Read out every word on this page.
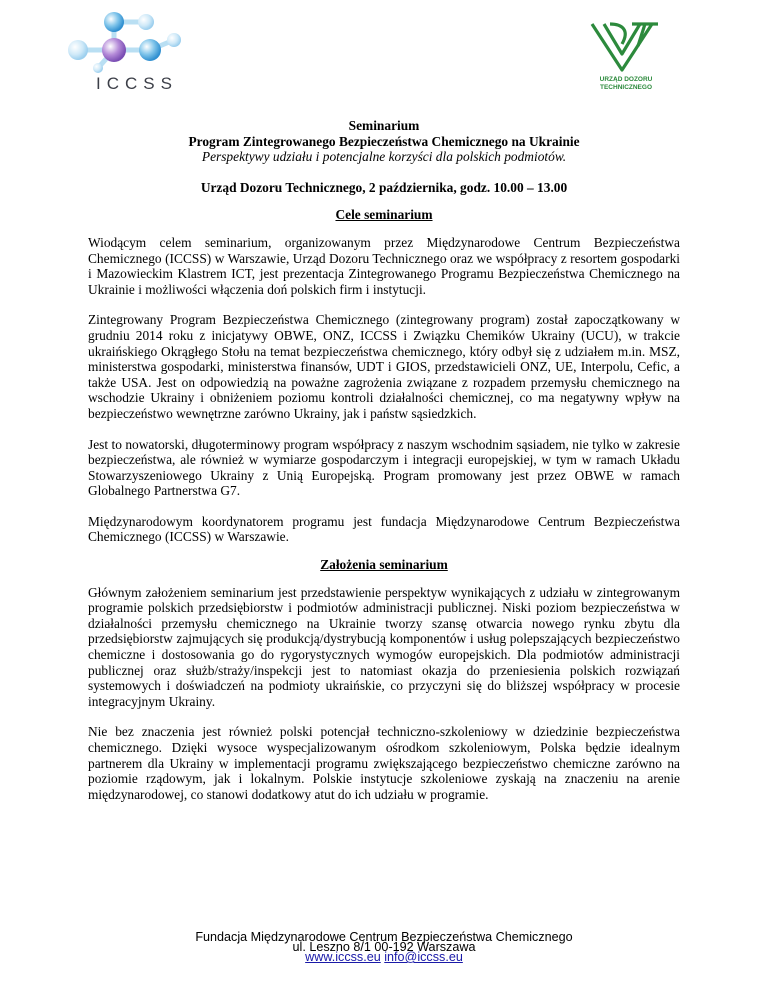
ICCSS	URZĄD DOZORU
TECHNICZNEGO
Seminarium
Program Zintegrowanego Bezpieczeństwa Chemicznego na Ukrainie
Perspektywy udziału i potencjalne korzyści dla polskich podmiotów.
Urząd Dozoru Technicznego, 2 października, godz. 10.00 – 13.00
Cele seminarium

Wiodącym celem seminarium, organizowanym przez Międzynarodowe Centrum Bezpieczeństwa Chemicznego (ICCSS) w Warszawie, Urząd Dozoru Technicznego oraz we współpracy z resortem gospodarki i Mazowieckim Klastrem ICT, jest prezentacja Zintegrowanego Programu Bezpieczeństwa Chemicznego na Ukrainie i możliwości włączenia doń polskich firm i instytucji.

Zintegrowany Program Bezpieczeństwa Chemicznego (zintegrowany program) został zapoczątkowany w grudniu 2014 roku z inicjatywy OBWE, ONZ, ICCSS i Związku Chemików Ukrainy (UCU), w trakcie ukraińskiego Okrągłego Stołu na temat bezpieczeństwa chemicznego, który odbył się z udziałem m.in. MSZ, ministerstwa gospodarki, ministerstwa finansów, UDT i GIOS, przedstawicieli ONZ, UE, Interpolu, Cefic, a także USA. Jest on odpowiedzią na poważne zagrożenia związane z rozpadem przemysłu chemicznego na wschodzie Ukrainy i obniżeniem poziomu kontroli działalności chemicznej, co ma negatywny wpływ na bezpieczeństwo wewnętrzne zarówno Ukrainy, jak i państw sąsiedzkich.

Jest to nowatorski, długoterminowy program współpracy z naszym wschodnim sąsiadem, nie tylko w zakresie bezpieczeństwa, ale również w wymiarze gospodarczym i integracji europejskiej, w tym w ramach Układu Stowarzyszeniowego Ukrainy z Unią Europejską. Program promowany jest przez OBWE w ramach Globalnego Partnerstwa G7.

Międzynarodowym koordynatorem programu jest fundacja Międzynarodowe Centrum Bezpieczeństwa Chemicznego (ICCSS) w Warszawie.

Założenia seminarium

Głównym założeniem seminarium jest przedstawienie perspektyw wynikających z udziału w zintegrowanym programie polskich przedsiębiorstw i podmiotów administracji publicznej. Niski poziom bezpieczeństwa w działalności przemysłu chemicznego na Ukrainie tworzy szansę otwarcia nowego rynku zbytu dla przedsiębiorstw zajmujących się produkcją/dystrybucją komponentów i usług polepszających bezpieczeństwo chemiczne i dostosowania go do rygorystycznych wymogów europejskich. Dla podmiotów administracji publicznej oraz służb/straży/inspekcji jest to natomiast okazja do przeniesienia polskich rozwiązań systemowych i doświadczeń na podmioty ukraińskie, co przyczyni się do bliższej współpracy w procesie integracyjnym Ukrainy.

Nie bez znaczenia jest również polski potencjał techniczno-szkoleniowy w dziedzinie bezpieczeństwa chemicznego. Dzięki wysoce wyspecjalizowanym ośrodkom szkoleniowym, Polska będzie idealnym partnerem dla Ukrainy w implementacji programu zwiększającego bezpieczeństwo chemiczne zarówno na poziomie rządowym, jak i lokalnym. Polskie instytucje szkoleniowe zyskają na znaczeniu na arenie międzynarodowej, co stanowi dodatkowy atut do ich udziału w programie.

Fundacja Międzynarodowe Centrum Bezpieczeństwa Chemicznego
ul. Leszno 8/1 00-192 Warszawa
www.iccss.eu info@iccss.eu
